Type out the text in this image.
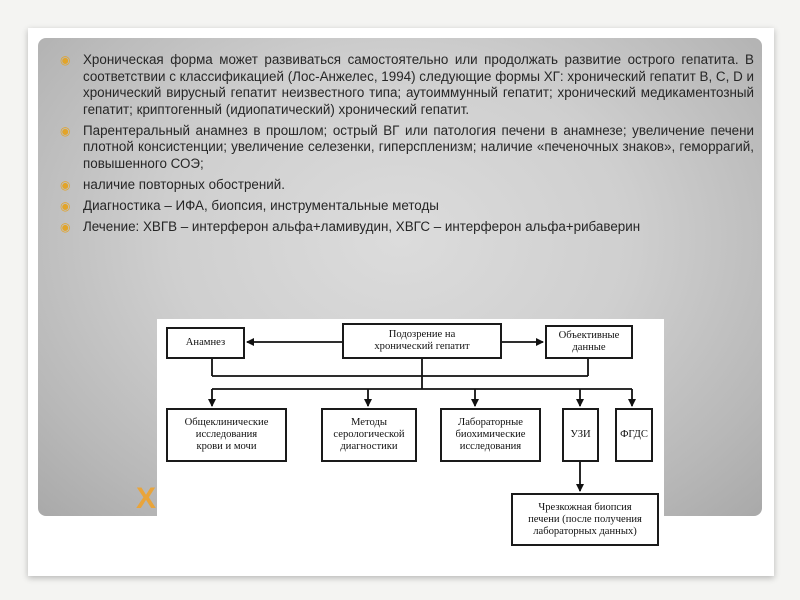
◉ Хроническая форма может развиваться самостоятельно или продолжать развитие острого гепатита. В соответствии с классификацией (Лос-Анжелес, 1994) следующие формы ХГ: хронический гепатит В, С, D и хронический вирусный гепатит неизвестного типа; аутоиммунный гепатит; хронический медикаментозный гепатит; криптогенный (идиопатический) хронический гепатит.
◉ Парентеральный анамнез в прошлом; острый ВГ или патология печени в анамнезе; увеличение печени плотной консистенции; увеличение селезенки, гиперспленизм; наличие «печеночных знаков», геморрагий, повышенного СОЭ;
◉ наличие повторных обострений.
◉ Диагностика – ИФА, биопсия, инструментальные методы
◉ Лечение: ХВГВ – интерферон альфа+ламивудин, ХВГС – интерферон альфа+рибаверин
Х
Анамнез
Подозрение на
хронический гепатит
Объективные
данные
Общеклинические
исследования
крови и мочи
Методы
серологической
диагностики
Лабораторные
биохимические
исследования
УЗИ	ФГДС
Чрезкожная биопсия
печени (после получения
лабораторных данных)
